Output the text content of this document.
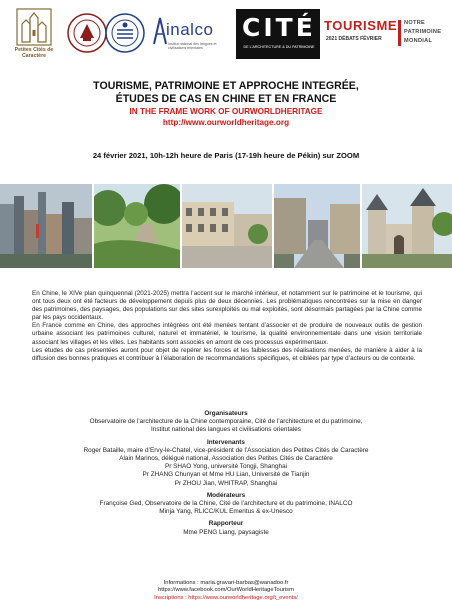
Petites Cités de Caractère
inalco
Institut national des langues et civilisations orientales
CITÉ
DE L'ARCHITECTURE & DU PATRIMOINE
TOURISME
2021 DÉBATS FÉVRIER
NOTRE
PATRIMOINE
MONDIAL
TOURISME, PATRIMOINE ET APPROCHE INTEGRÉE,
ÉTUDES DE CAS EN CHINE ET EN FRANCE
IN THE FRAME WORK OF OURWORLDHERITAGE
http://www.ourworldheritage.org
24 février 2021, 10h-12h heure de Paris (17-19h heure de Pékin) sur ZOOM

En Chine, le XIVe plan quinquennal (2021-2025) mettra l’accent sur le marché intérieur, et notamment sur le patrimoine et le tourisme, qui ont tous deux ont été facteurs de développement depuis plus de deux décennies. Les problématiques rencontrées sur la mise en danger des patrimoines, des paysages, des populations sur des sites surexploités ou mal exploités, sont désormais partagées par la Chine comme par les pays occidentaux.

En France comme en Chine, des approches intégrées ont été menées tentant d’associer et de produire de nouveaux outils de gestion urbaine associant les patrimoines culturel, naturel et immatériel, le tourisme, la qualité environnementale dans une vision territoriale associant les villages et les villes. Les habitants sont associés en amont de ces processus expérimentaux.

Les études de cas présentées auront pour objet de repérer les forces et les faiblesses des réalisations menées, de manière à aider à la diffusion des bonnes pratiques et contribuer à l’élaboration de recommandations spécifiques, et ciblées par type d’acteurs ou de contexte.

Organisateurs
Observatoire de l’architecture de la Chine contemporaine, Cité de l’architecture et du patrimoine,
Institut national des langues et civilisations orientales
Intervenants
Roger Bataille, maire d’Ervy-le-Chatel, vice-président de l’Association des Petites Cités de Caractère
Alain Marinos, délégué national, Association des Petites Cités de Caractère
Pr SHAO Yong, université Tongji, Shanghai
Pr ZHANG Chunyan et Mme HU Lian, Université de Tianjin
Pr ZHOU Jian, WHITRAP, Shanghai
Modérateurs
Françoise Ged, Observatoire de la Chine, Cité de l’architecture et du patrimoine, INALCO
Minja Yang, RLICC/KUL Emeritus & ex-Unesco
Rapporteur
Mme PENG Liang, paysagiste
Informations : maria.gravari-barbas@wanadoo.fr
https://www.facebook.com/OurWorldHeritageTourism
Inscriptions : https://www.ourworldheritage.org/t_events/
